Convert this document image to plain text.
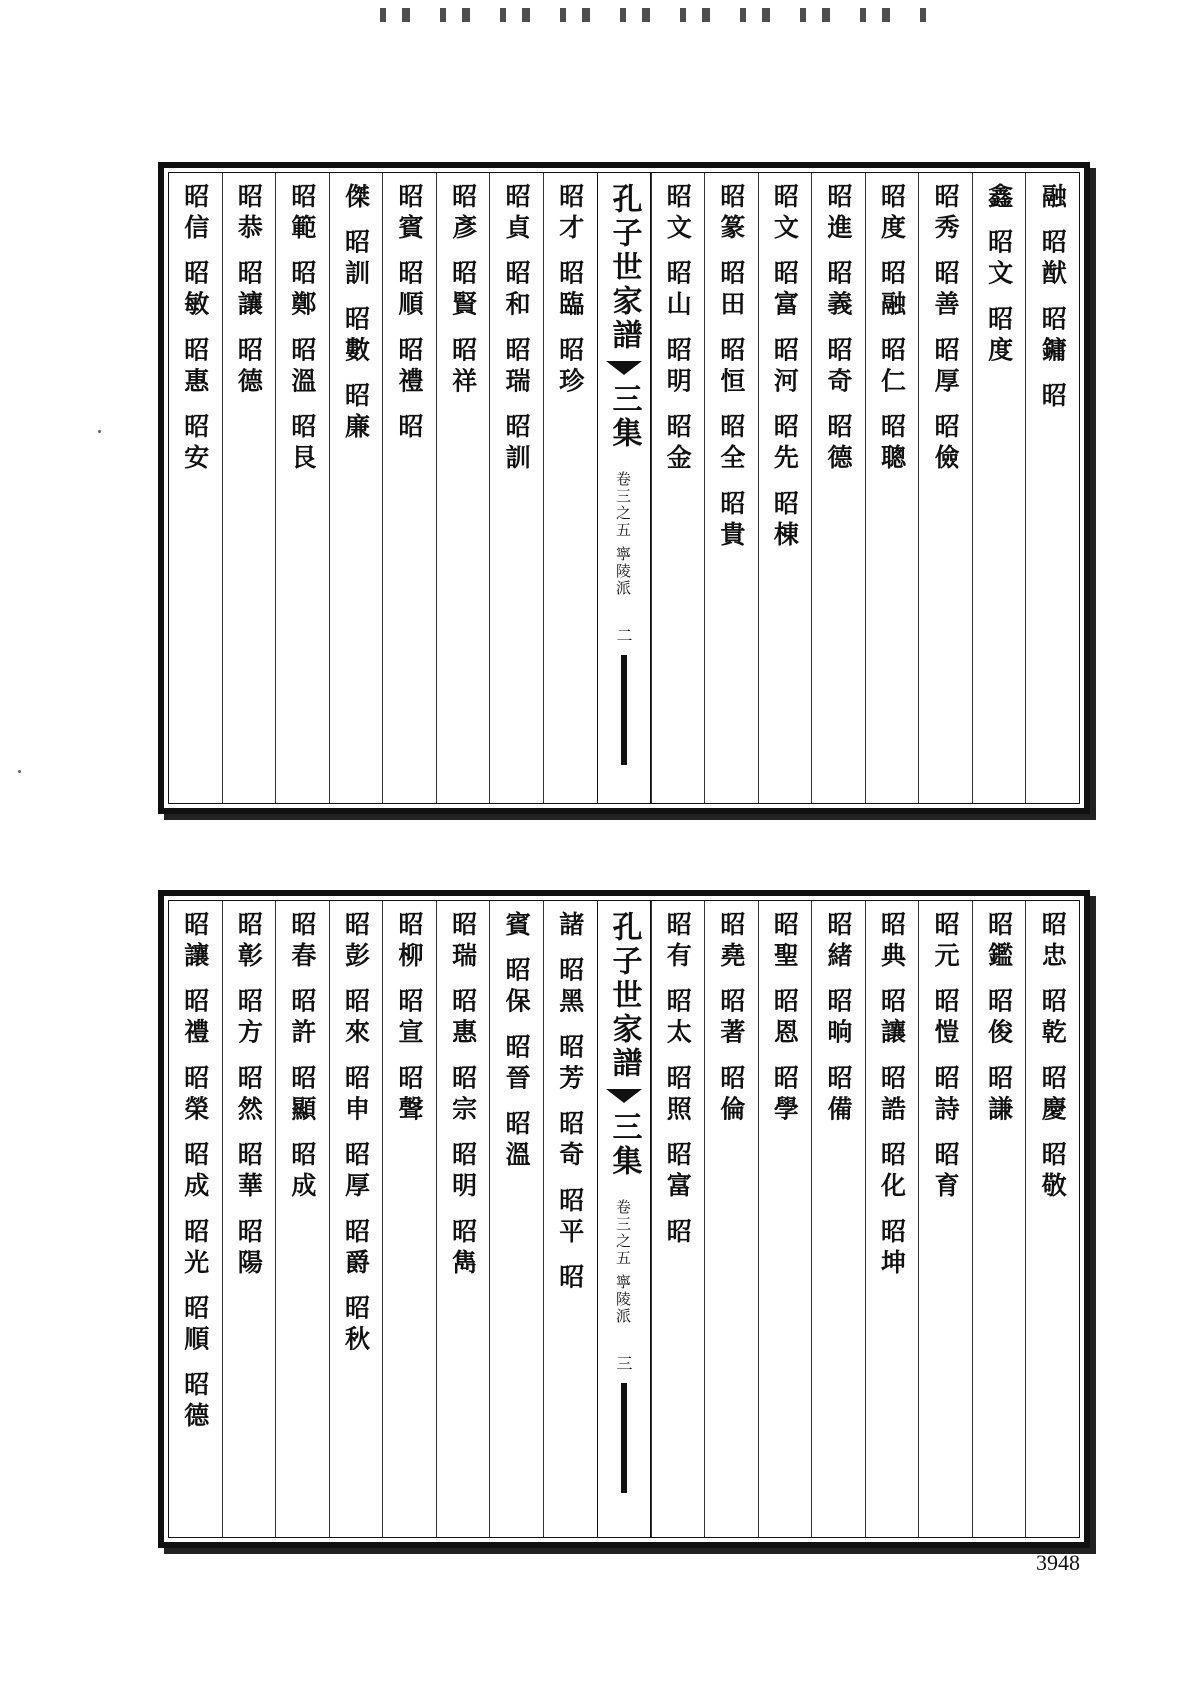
融 昭猷 昭鏞 昭
鑫 昭文 昭度
昭秀 昭善 昭厚 昭儉
昭度 昭融 昭仁 昭聰
昭進 昭義 昭奇 昭德
昭文 昭富 昭河 昭先 昭棟
昭篆 昭田 昭恒 昭全 昭貴
昭文 昭山 昭明 昭金
孔子世家譜
三集
卷三之五 寧陵派
二
昭才 昭臨 昭珍
昭貞 昭和 昭瑞 昭訓
昭彥 昭賢 昭祥
昭賓 昭順 昭禮 昭
傑 昭訓 昭數 昭廉
昭範 昭鄭 昭溫 昭艮
昭恭 昭讓 昭德
昭信 昭敏 昭惠 昭安
昭忠 昭乾 昭慶 昭敬
昭鑑 昭俊 昭謙
昭元 昭愷 昭詩 昭育
昭典 昭讓 昭誥 昭化 昭坤
昭緒 昭晌 昭備
昭聖 昭恩 昭學
昭堯 昭著 昭倫
昭有 昭太 昭照 昭富 昭
孔子世家譜
三集
卷三之五 寧陵派
三
諸 昭黑 昭芳 昭奇 昭平 昭
賓 昭保 昭晉 昭溫
昭瑞 昭惠 昭宗 昭明 昭雋
昭柳 昭宣 昭聲
昭彭 昭來 昭申 昭厚 昭爵 昭秋
昭春 昭許 昭顯 昭成
昭彰 昭方 昭然 昭華 昭陽
昭讓 昭禮 昭榮 昭成 昭光 昭順 昭德
3948
